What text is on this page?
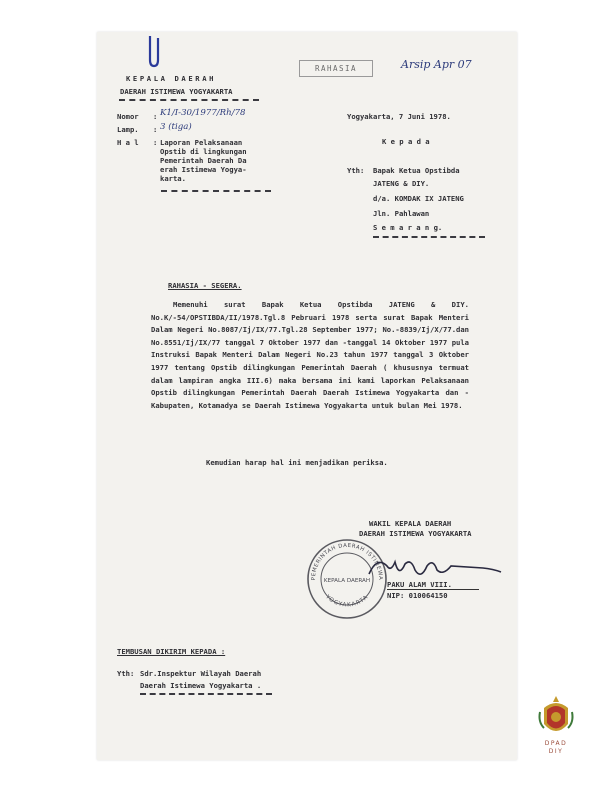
KEPALA DAERAH
DAERAH ISTIMEWA YOGYAKARTA
RAHASIA	Arsip Apr 07
Nomor : K1/I-30/1977/Rh/78
Lamp. : 3 (tiga)
H a l : Laporan Pelaksanaan
Opstib di lingkungan
Pemerintah Daerah Da
erah Istimewa Yogya-
karta.
Yogyakarta, 7 Juni 1978.
K e p a d a
Yth: Bapak Ketua Opstibda
JATENG & DIY.
d/a. KOMDAK IX JATENG
Jln. Pahlawan
S e m a r a n g.
RAHASIA - SEGERA.
Memenuhi surat Bapak Ketua Opstibda JATENG & DIY. No.K/-54/OPSTIBDA/II/1978.Tgl.8 Pebruari 1978 serta surat Bapak Menteri Dalam Negeri No.8087/Ij/IX/77.Tgl.28 September 1977; No.-8839/Ij/X/77.dan No.8551/Ij/IX/77 tanggal 7 Oktober 1977 dan -tanggal 14 Oktober 1977 pula Instruksi Bapak Menteri Dalam Negeri No.23 tahun 1977 tanggal 3 Oktober 1977 tentang Opstib dilingkungan Pemerintah Daerah ( khususnya termuat dalam lampiran angka III.6) maka bersama ini kami laporkan Pelaksanaan Opstib dilingkungan Pemerintah Daerah Daerah Istimewa Yogyakarta dan -Kabupaten, Kotamadya se Daerah Istimewa Yogyakarta untuk bulan Mei 1978.
Kemudian harap hal ini menjadikan periksa.
WAKIL KEPALA DAERAH
DAERAH ISTIMEWA YOGYAKARTA
PEMERINTAH DAERAH ISTIMEWA
YOGYAKARTA
KEPALA DAERAH PAKU ALAM VIII.
NIP: 010064150
TEMBUSAN DIKIRIM KEPADA :
Yth: Sdr.Inspektur Wilayah Daerah
Daerah Istimewa Yogyakarta .
DPAD
DIY
